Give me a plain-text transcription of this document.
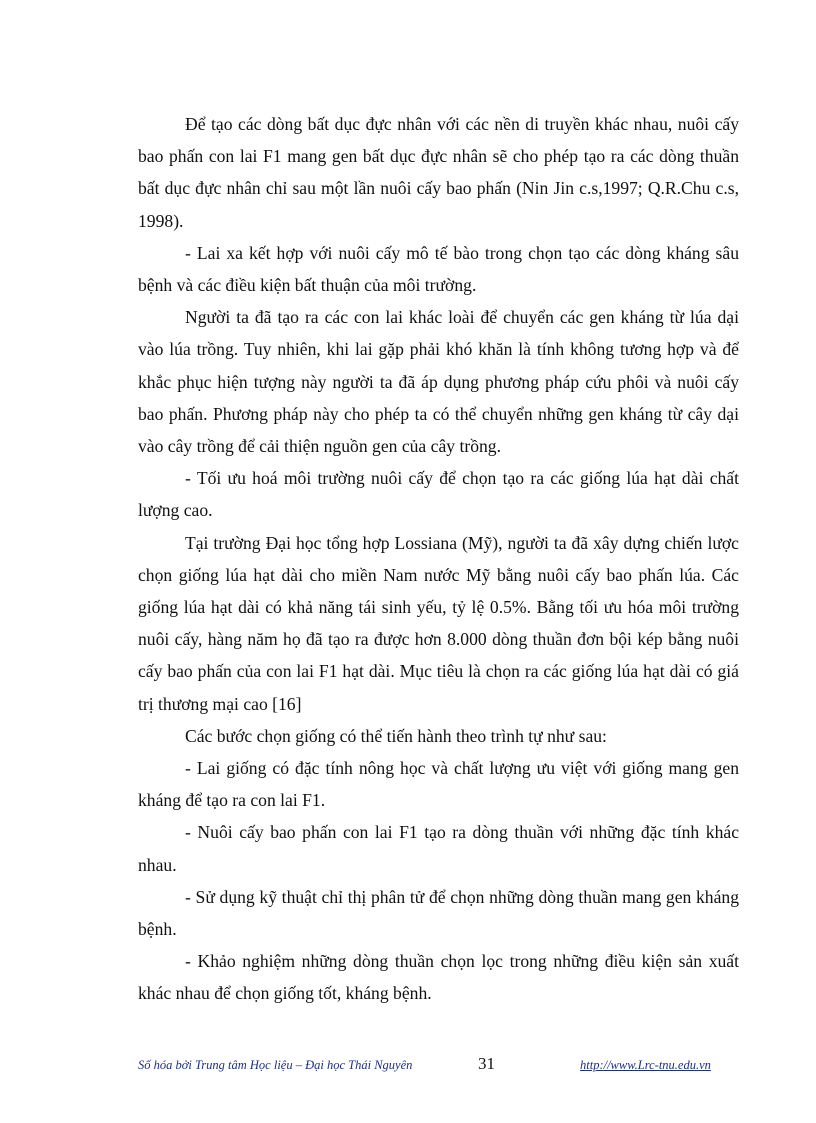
Để tạo các dòng bất dục đực nhân với các nền di truyền khác nhau, nuôi cấy bao phấn con lai F1 mang gen bất dục đực nhân sẽ cho phép tạo ra các dòng thuần bất dục đực nhân chỉ sau một lần nuôi cấy bao phấn (Nin Jin c.s,1997; Q.R.Chu c.s, 1998).

- Lai xa kết hợp với nuôi cấy mô tế bào trong chọn tạo các dòng kháng sâu bệnh và các điều kiện bất thuận của môi trường.

Người ta đã tạo ra các con lai khác loài để chuyển các gen kháng từ lúa dại vào lúa trồng. Tuy nhiên, khi lai gặp phải khó khăn là tính không tương hợp và để khắc phục hiện tượng này người ta đã áp dụng phương pháp cứu phôi và nuôi cấy bao phấn. Phương pháp này cho phép ta có thể chuyển những gen kháng từ cây dại vào cây trồng để cải thiện nguồn gen của cây trồng.

- Tối ưu hoá môi trường nuôi cấy để chọn tạo ra các giống lúa hạt dài chất lượng cao.

Tại trường Đại học tổng hợp Lossiana (Mỹ), người ta đã xây dựng chiến lược chọn giống lúa hạt dài cho miền Nam nước Mỹ bằng nuôi cấy bao phấn lúa. Các giống lúa hạt dài có khả năng tái sinh yếu, tỷ lệ 0.5%. Bằng tối ưu hóa môi trường nuôi cấy, hàng năm họ đã tạo ra được hơn 8.000 dòng thuần đơn bội kép bằng nuôi cấy bao phấn của con lai F1 hạt dài. Mục tiêu là chọn ra các giống lúa hạt dài có giá trị thương mại cao [16]

Các bước chọn giống có thể tiến hành theo trình tự như sau:

- Lai giống có đặc tính nông học và chất lượng ưu việt với giống mang gen kháng để tạo ra con lai F1.

- Nuôi cấy bao phấn con lai F1 tạo ra dòng thuần với những đặc tính khác nhau.

- Sử dụng kỹ thuật chỉ thị phân tử để chọn những dòng thuần mang gen kháng bệnh.

- Khảo nghiệm những dòng thuần chọn lọc trong những điều kiện sản xuất khác nhau để chọn giống tốt, kháng bệnh.

Số hóa bởi Trung tâm Học liệu – Đại học Thái Nguyên	31	http://www.Lrc-tnu.edu.vn
